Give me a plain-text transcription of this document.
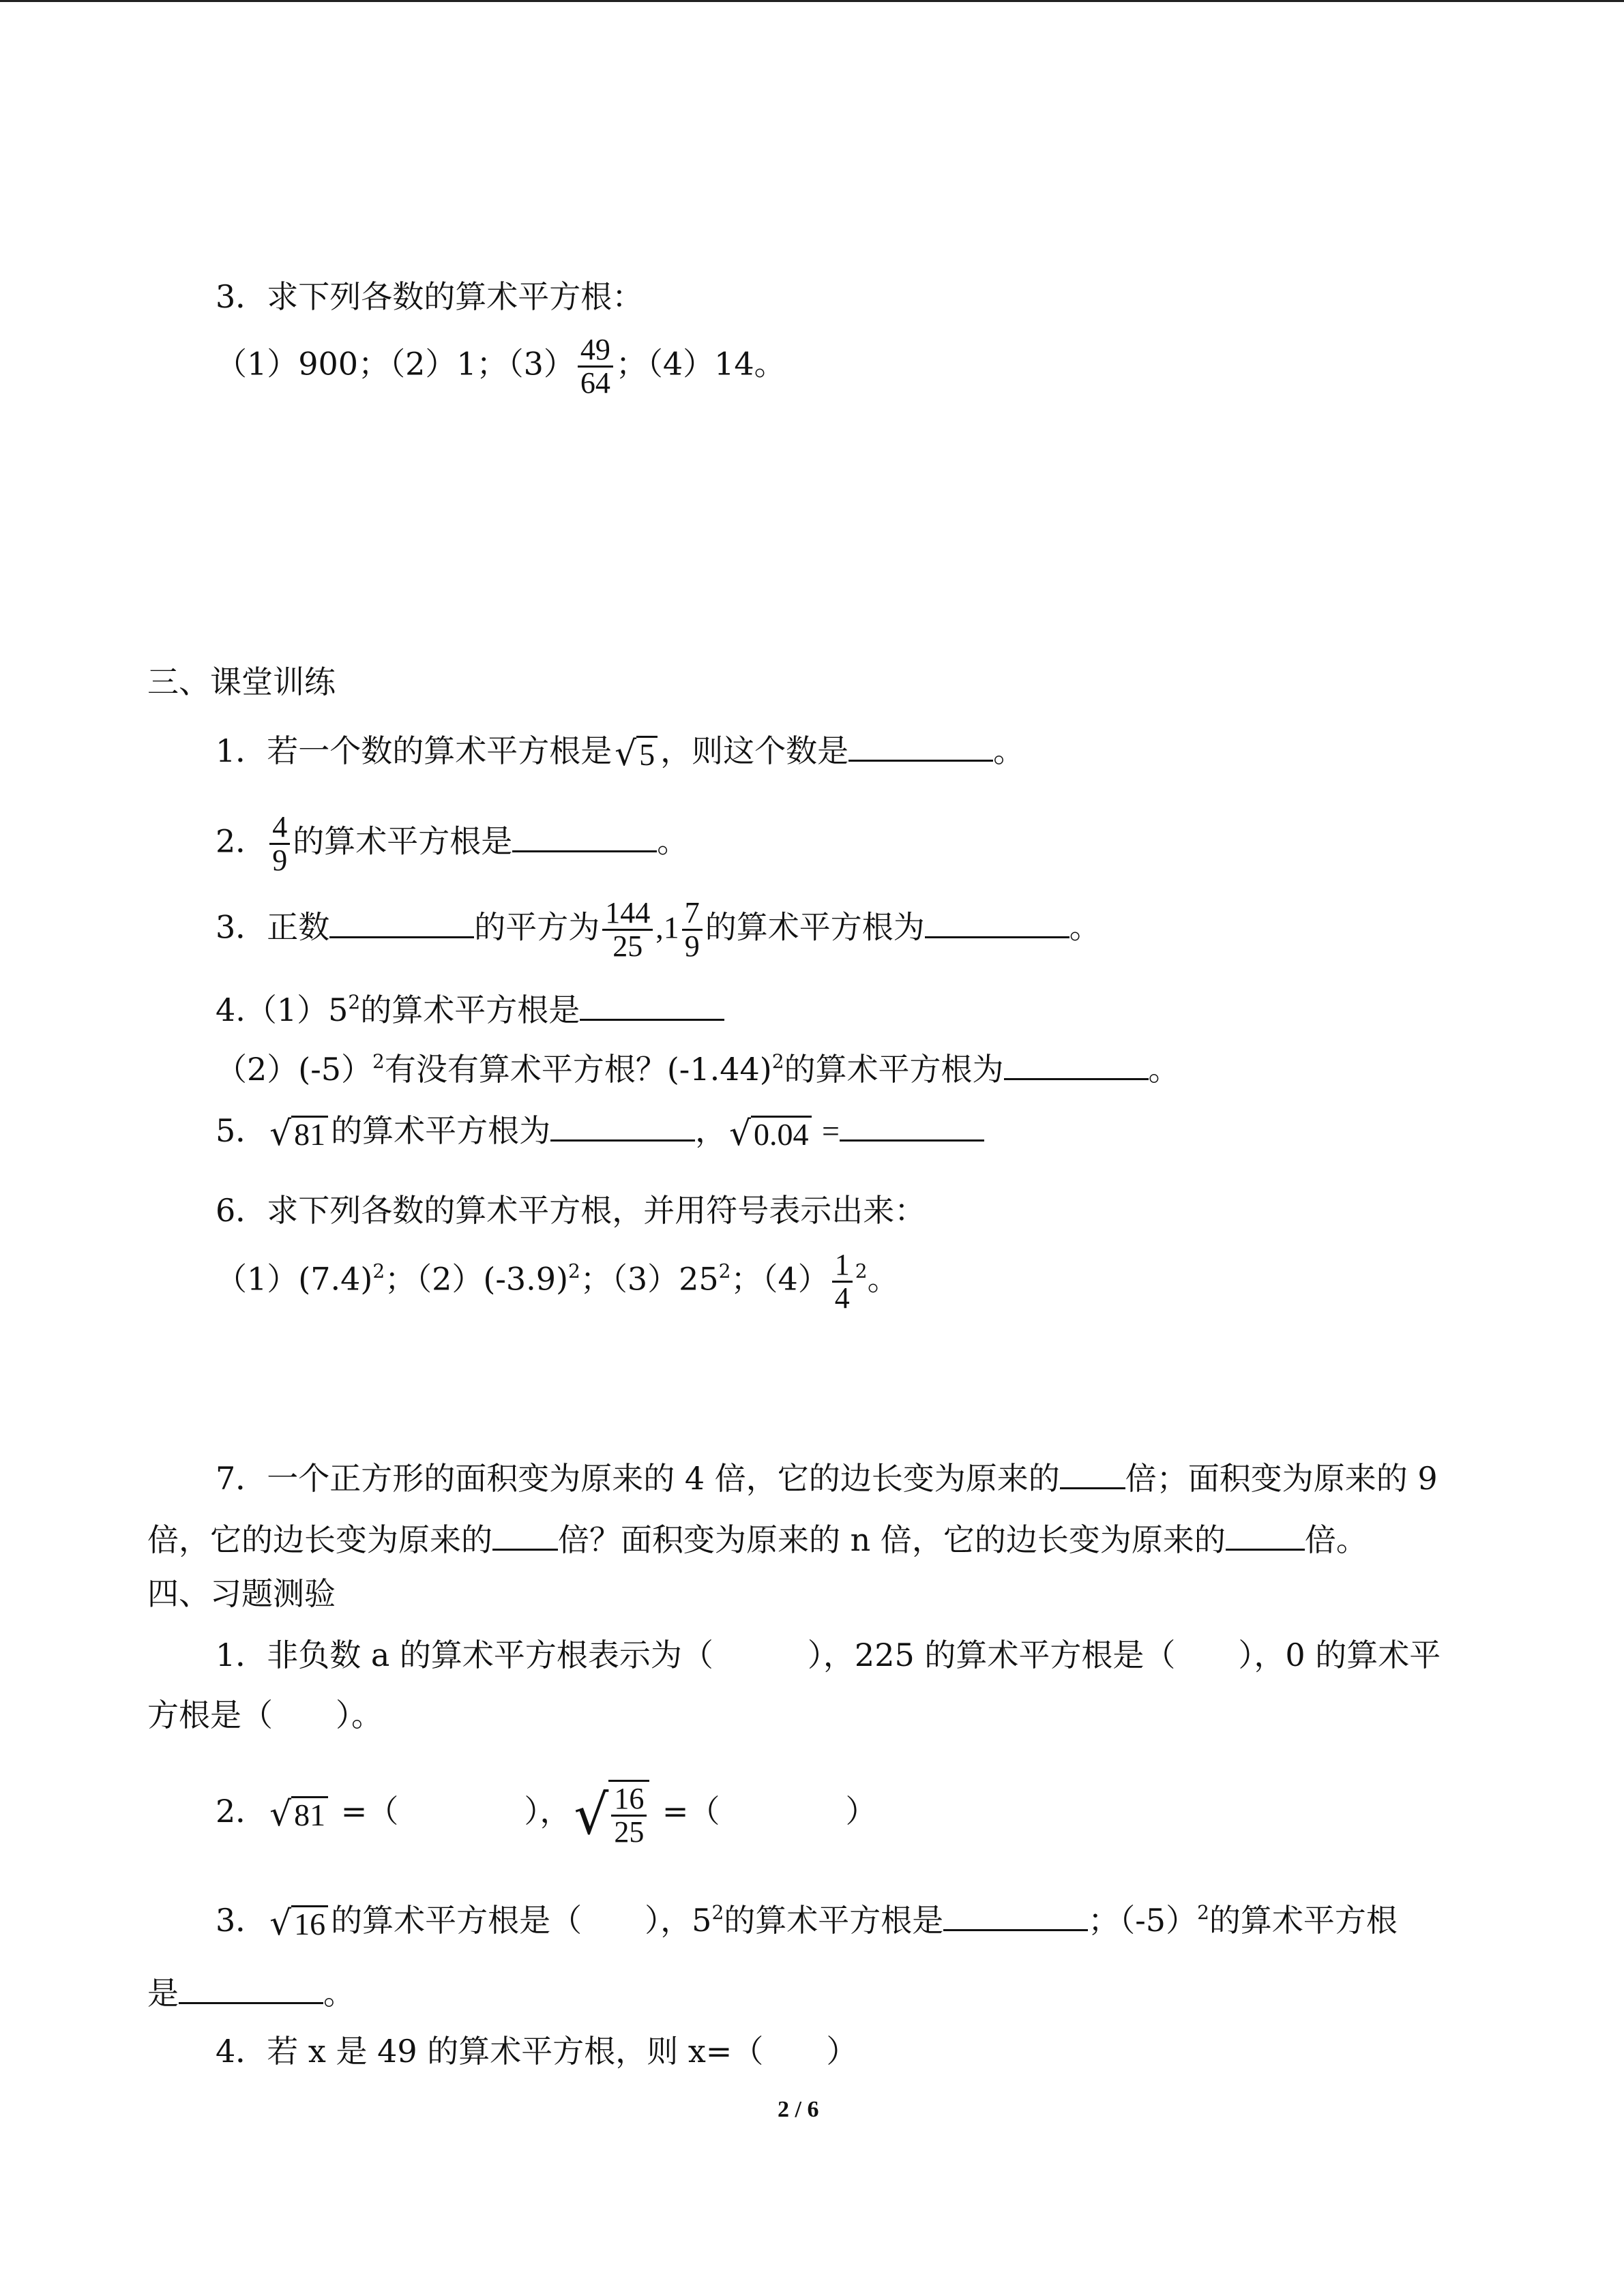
3．求下列各数的算术平方根：
（1）900；（2）1；$(3) \frac{49}{64}$ ；（4）14。
三、课堂训练
1．若一个数的算术平方根是 √ 5 ，则这个数是	。
2． $\frac{4}{9}$ 的算术平方根是	。
3．正数	的平方为 $\frac{144}{25} ,1 \frac{7}{9}$ 的算术平方根为	。
$4.(1)5^2$的算术平方根是
（2）(-5）$^2$有没有算术平方根？$(-1.44)^2$的算术平方根为	。
5． √ 81 的算术平方根为	， √ 0.04 =
6．求下列各数的算术平方根，并用符号表示出来：
$(1)(7.4)^2$；$(2)(-3.9)^2$；$(3)25^2$；$(4) \frac{1}{4} ^2$。
7．一个正方形的面积变为原来的 4 倍，它的边长变为原来的 倍；面积变为原来的 9
倍，它的边长变为原来的 倍？面积变为原来的 n 倍，它的边长变为原来的	倍。
四、习题测验
1．非负数 a 的算术平方根表示为（　　　），225 的算术平方根是（　　），0 的算术平
方根是（　　）。
2． √ 81 =（　　　　）， √ $\frac{16}{25}$ =（　　　　）
3． √ 16 的算术平方根是（　　），$5^2$的算术平方根是	；$(-5)^2$的算术平方根
是	。
4．若 x 是 49 的算术平方根，则 x=（　　）
2 / 6
